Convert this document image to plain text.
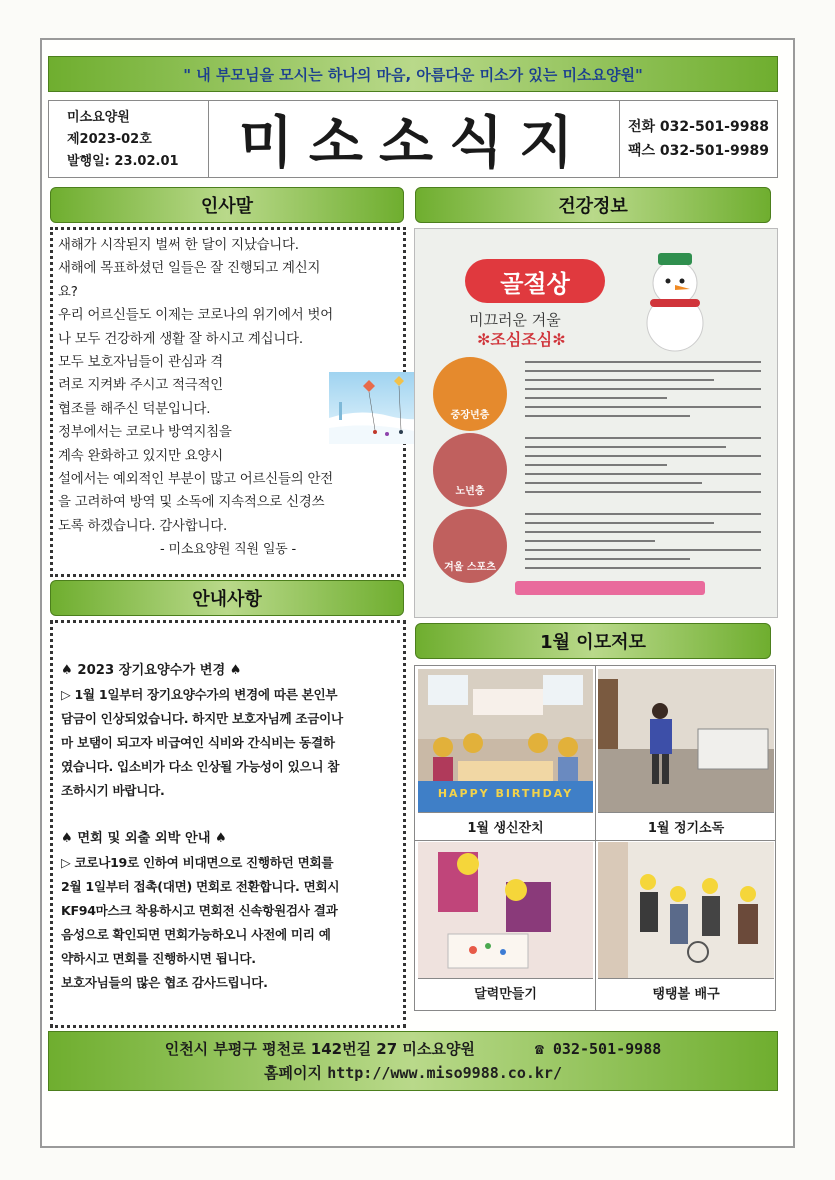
" 내 부모님을 모시는 하나의 마음, 아름다운 미소가 있는 미소요양원"
미소요양원
제2023-02호
발행일: 23.02.01	미소소식지	전화 032-501-9988
팩스 032-501-9989
인사말	건강정보
새해가 시작된지 벌써 한 달이 지났습니다.
새해에 목표하셨던 일들은 잘 진행되고 계신지
요?
우리 어르신들도 이제는 코로나의 위기에서 벗어
나 모두 건강하게 생활 잘 하시고 계십니다.
모두 보호자님들이 관심과 격
려로 지켜봐 주시고 적극적인
협조를 해주신 덕분입니다.
정부에서는 코로나 방역지침을
계속 완화하고 있지만 요양시
설에서는 예외적인 부분이 많고 어르신들의 안전
을 고려하여 방역 및 소독에 지속적으로 신경쓰
도록 하겠습니다. 감사합니다.
- 미소요양원 직원 일동 -
골절상
미끄러운 겨울
✻조심조심✻
중장년층
노년층
겨울 스포츠
안내사항
♠ 2023 장기요양수가 변경 ♠
▷ 1월 1일부터 장기요양수가의 변경에 따른 본인부
담금이 인상되었습니다. 하지만 보호자님께 조금이나
마 보탬이 되고자 비급여인 식비와 간식비는 동결하
였습니다. 입소비가 다소 인상될 가능성이 있으니 참
조하시기 바랍니다.
♠ 면회 및 외출 외박 안내 ♠
▷ 코로나19로 인하여 비대면으로 진행하던 면회를
2월 1일부터 접촉(대면) 면회로 전환합니다. 면회시
KF94마스크 착용하시고 면회전 신속항원검사 결과
음성으로 확인되면 면회가능하오니 사전에 미리 예
약하시고 면회를 진행하시면 됩니다.
보호자님들의 많은 협조 감사드립니다.
1월 이모저모
HAPPY BIRTHDAY
1월 생신잔치	1월 정기소독
달력만들기	탱탱볼 배구
인천시 부평구 평천로 142번길 27 미소요양원	☎ 032-501-9988
홈페이지 http://www.miso9988.co.kr/
